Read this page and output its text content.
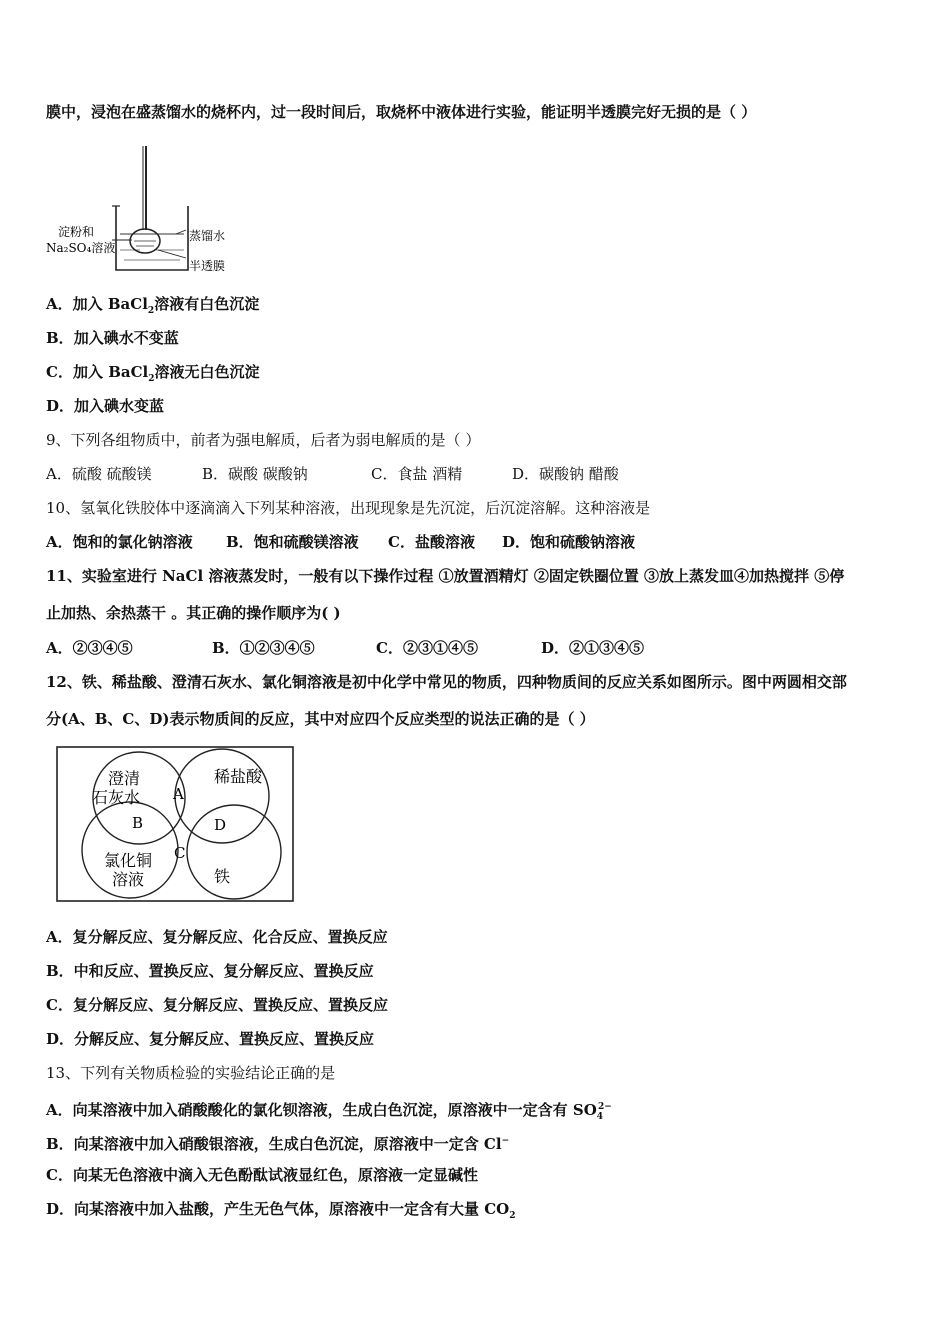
膜中，浸泡在盛蒸馏水的烧杯内，过一段时间后，取烧杯中液体进行实验，能证明半透膜完好无损的是（ ）
淀粉和
Na₂SO₄溶液
蒸馏水
半透膜
A．加入 BaCl$_2$溶液有白色沉淀
B．加入碘水不变蓝
C．加入 BaCl$_2$溶液无白色沉淀
D．加入碘水变蓝
9、下列各组物质中，前者为强电解质，后者为弱电解质的是（ ）
A．硫酸 硫酸镁	B．碳酸 碳酸钠	C．食盐 酒精	D．碳酸钠 醋酸
10、氢氧化铁胶体中逐滴滴入下列某种溶液，出现现象是先沉淀，后沉淀溶解。这种溶液是
A．饱和的氯化钠溶液 B．饱和硫酸镁溶液 C．盐酸溶液 D．饱和硫酸钠溶液
11、实验室进行 NaCl 溶液蒸发时，一般有以下操作过程 ①放置酒精灯 ②固定铁圈位置 ③放上蒸发皿④加热搅拌 ⑤停
止加热、余热蒸干 。其正确的操作顺序为( )
A．②③④⑤	B．①②③④⑤	C．②③①④⑤	D．②①③④⑤
12、铁、稀盐酸、澄清石灰水、氯化铜溶液是初中化学中常见的物质，四种物质间的反应关系如图所示。图中两圆相交部
分(A、B、C、D)表示物质间的反应，其中对应四个反应类型的说法正确的是（ ）
澄清
石灰水
稀盐酸
氯化铜
溶液	铁
A
B
C
D
A．复分解反应、复分解反应、化合反应、置换反应
B．中和反应、置换反应、复分解反应、置换反应
C．复分解反应、复分解反应、置换反应、置换反应
D．分解反应、复分解反应、置换反应、置换反应
13、下列有关物质检验的实验结论正确的是
A．向某溶液中加入硝酸酸化的氯化钡溶液，生成白色沉淀，原溶液中一定含有 $SO_4^{2-}$
B．向某溶液中加入硝酸银溶液，生成白色沉淀，原溶液中一定含 Cl−
C．向某无色溶液中滴入无色酚酞试液显红色，原溶液一定显碱性
D．向某溶液中加入盐酸，产生无色气体，原溶液中一定含有大量 $CO_2$
